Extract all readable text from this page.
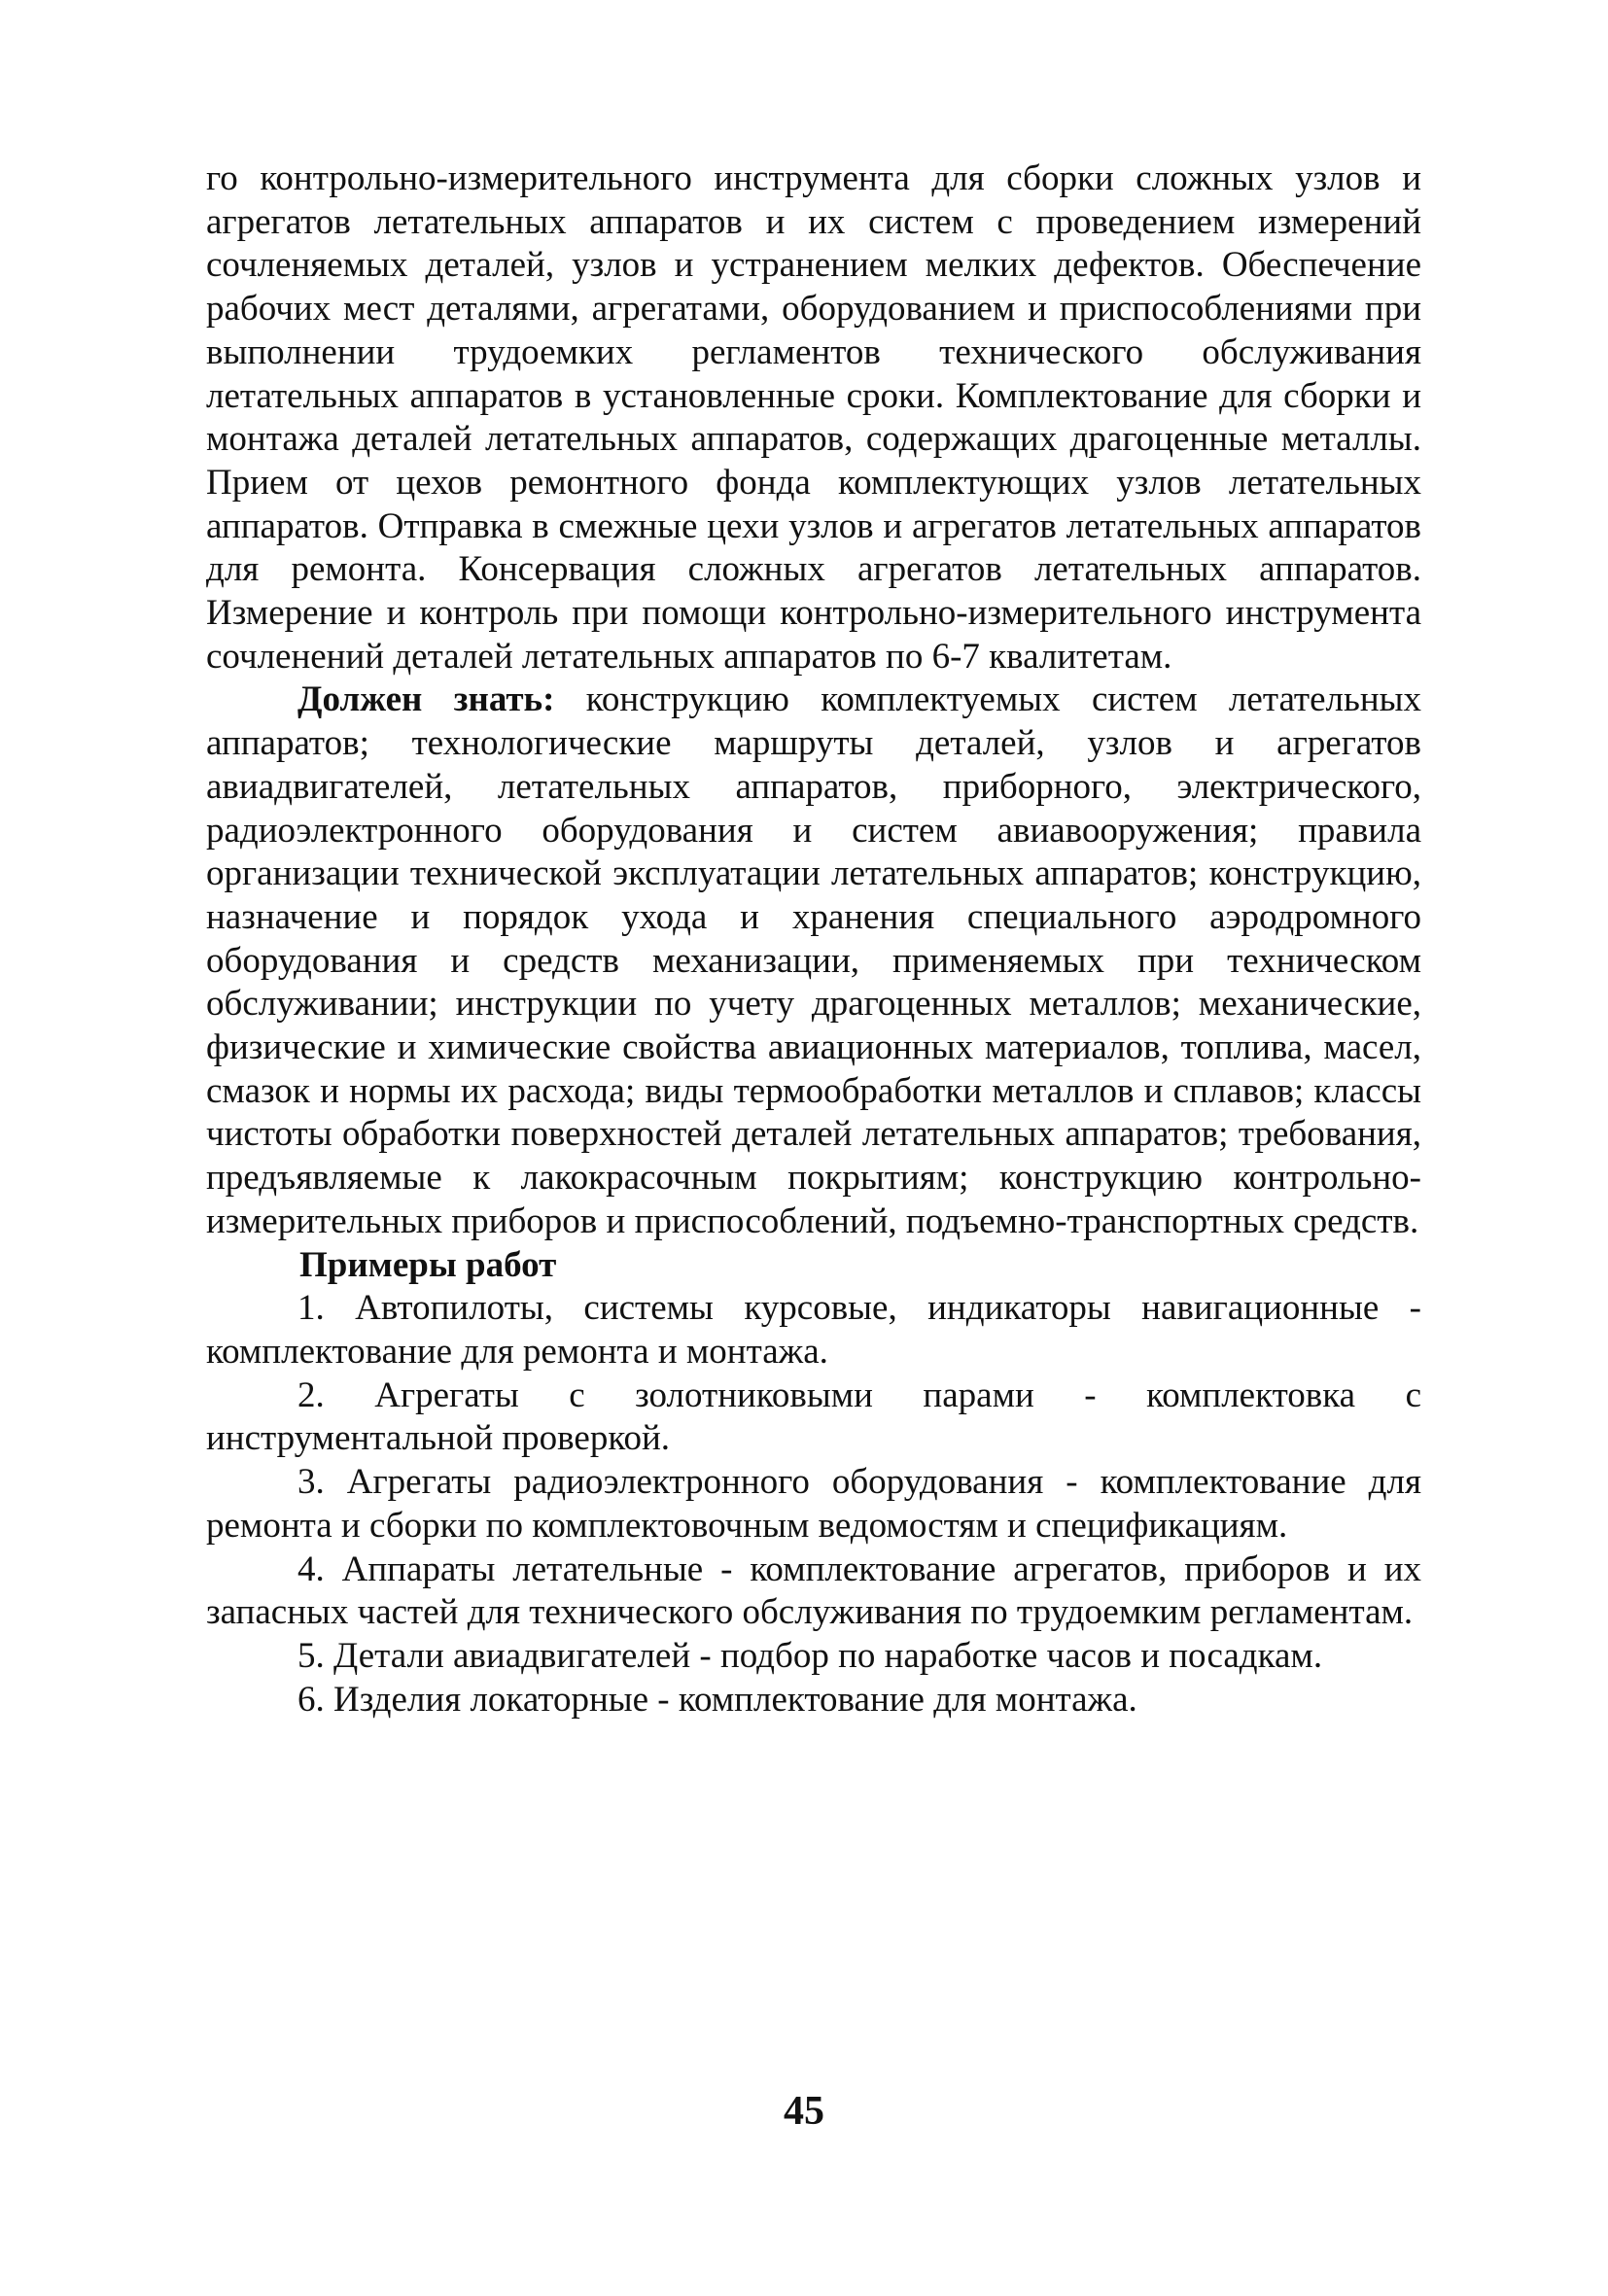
го контрольно-измерительного инструмента для сборки сложных узлов и агрегатов летательных аппаратов и их систем с проведением измерений сочленяемых деталей, узлов и устранением мелких дефектов. Обеспечение рабочих мест деталями, агрегатами, оборудованием и приспособлениями при выполнении трудоемких регламентов технического обслуживания летательных аппаратов в установленные сроки. Комплектование для сборки и монтажа деталей летательных аппаратов, содержащих драгоценные металлы. Прием от цехов ремонтного фонда комплектующих узлов летательных аппаратов. Отправка в смежные цехи узлов и агрегатов летательных аппаратов для ремонта. Консервация сложных агрегатов летательных аппаратов. Измерение и контроль при помощи контрольно-измерительного инструмента сочленений деталей летательных аппаратов по 6-7 квалитетам.

Должен знать: конструкцию комплектуемых систем летательных аппаратов; технологические маршруты деталей, узлов и агрегатов авиадвигателей, летательных аппаратов, приборного, электрического, радиоэлектронного оборудования и систем авиавооружения; правила организации технической эксплуатации летательных аппаратов; конструкцию, назначение и порядок ухода и хранения специального аэродромного оборудования и средств механизации, применяемых при техническом обслуживании; инструкции по учету драгоценных металлов; механические, физические и химические свойства авиационных материалов, топлива, масел, смазок и нормы их расхода; виды термообработки металлов и сплавов; классы чистоты обработки поверхностей деталей летательных аппаратов; требования, предъявляемые к лакокрасочным покрытиям; конструкцию контрольно-измерительных приборов и приспособлений, подъемно-транспортных средств.

Примеры работ

1. Автопилоты, системы курсовые, индикаторы навигационные - комплектование для ремонта и монтажа.

2. Агрегаты с золотниковыми парами - комплектовка с инструментальной проверкой.

3. Агрегаты радиоэлектронного оборудования - комплектование для ремонта и сборки по комплектовочным ведомостям и спецификациям.

4. Аппараты летательные - комплектование агрегатов, приборов и их запасных частей для технического обслуживания по трудоемким регламентам.

5. Детали авиадвигателей - подбор по наработке часов и посадкам.

6. Изделия локаторные - комплектование для монтажа.

45
